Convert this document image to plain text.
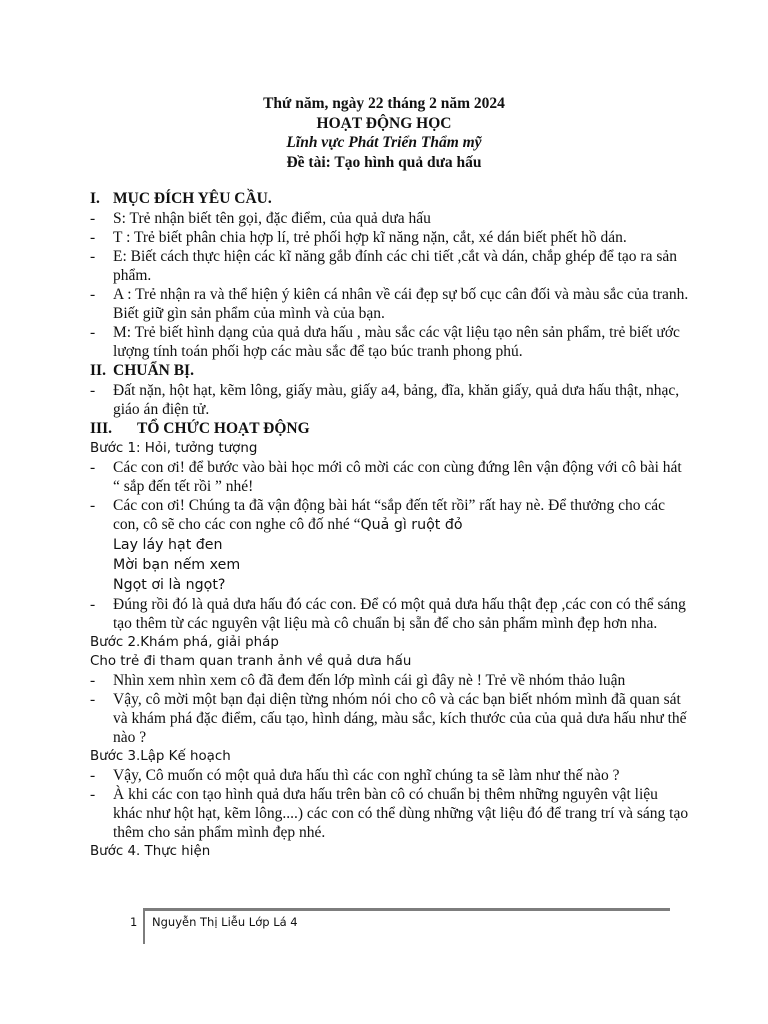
Thứ năm, ngày 22 tháng 2 năm 2024
HOẠT ĐỘNG HỌC
Lĩnh vực Phát Triển Thẩm mỹ
Đề tài: Tạo hình quả dưa hấu
I. MỤC ĐÍCH YÊU CẦU.
- S: Trẻ nhận biết tên gọi, đặc điểm, của quả dưa hấu
- T : Trẻ biết phân chia hợp lí, trẻ phối hợp kĩ năng nặn, cắt, xé dán biết phết hồ dán.
- E: Biết cách thực hiện các kĩ năng gắb đính các chi tiết ,cắt và dán, chắp ghép để tạo ra sản phẩm.
- A : Trẻ nhận ra và thể hiện ý kiên cá nhân về cái đẹp sự bố cục cân đối và màu sắc của tranh. Biết giữ gìn sản phẩm của mình và của bạn.
- M: Trẻ biết hình dạng của quả dưa hấu , màu sắc các vật liệu tạo nên sản phẩm, trẻ biết ước lượng tính toán phối hợp các màu sắc để tạo búc tranh phong phú.
II. CHUẨN BỊ.
- Đất nặn, hột hạt, kẽm lông, giấy màu, giấy a4, bảng, đĩa, khăn giấy, quả dưa hấu thật, nhạc, giáo án điện tử.
III. TỔ CHỨC HOẠT ĐỘNG
Bước 1: Hỏi, tưởng tượng
- Các con ơi! để bước vào bài học mới cô mời các con cùng đứng lên vận động với cô bài hát “ sắp đến tết rồi ” nhé!
- Các con ơi! Chúng ta đã vận động bài hát “sắp đến tết rồi” rất hay nè. Để thưởng cho các con, cô sẽ cho các con nghe cô đố nhé “Quả gì ruột đỏ
Lay láy hạt đen
Mời bạn nếm xem
Ngọt ơi là ngọt?
- Đúng rồi đó là quả dưa hấu đó các con. Để có một quả dưa hấu thật đẹp ,các con có thể sáng tạo thêm từ các nguyên vật liệu mà cô chuẩn bị sẵn để cho sản phẩm mình đẹp hơn nha.
Bước 2.Khám phá, giải pháp
Cho trẻ đi tham quan tranh ảnh về quả dưa hấu
- Nhìn xem nhìn xem cô đã đem đến lớp mình cái gì đây nè ! Trẻ về nhóm thảo luận
- Vậy, cô mời một bạn đại diện từng nhóm nói cho cô và các bạn biết nhóm mình đã quan sát và khám phá đặc điểm, cấu tạo, hình dáng, màu sắc, kích thước của của quả dưa hấu như thế nào ?
Bước 3.Lập Kế hoạch
- Vậy, Cô muốn có một quả dưa hấu thì các con nghĩ chúng ta sẽ làm như thế nào ?
- À khi các con tạo hình quả dưa hấu trên bàn cô có chuẩn bị thêm những nguyên vật liệu khác như hột hạt, kẽm lông....) các con có thể dùng những vật liệu đó để trang trí và sáng tạo thêm cho sản phẩm mình đẹp nhé.
Bước 4. Thực hiện
1 Nguyễn Thị Liễu Lớp Lá 4
